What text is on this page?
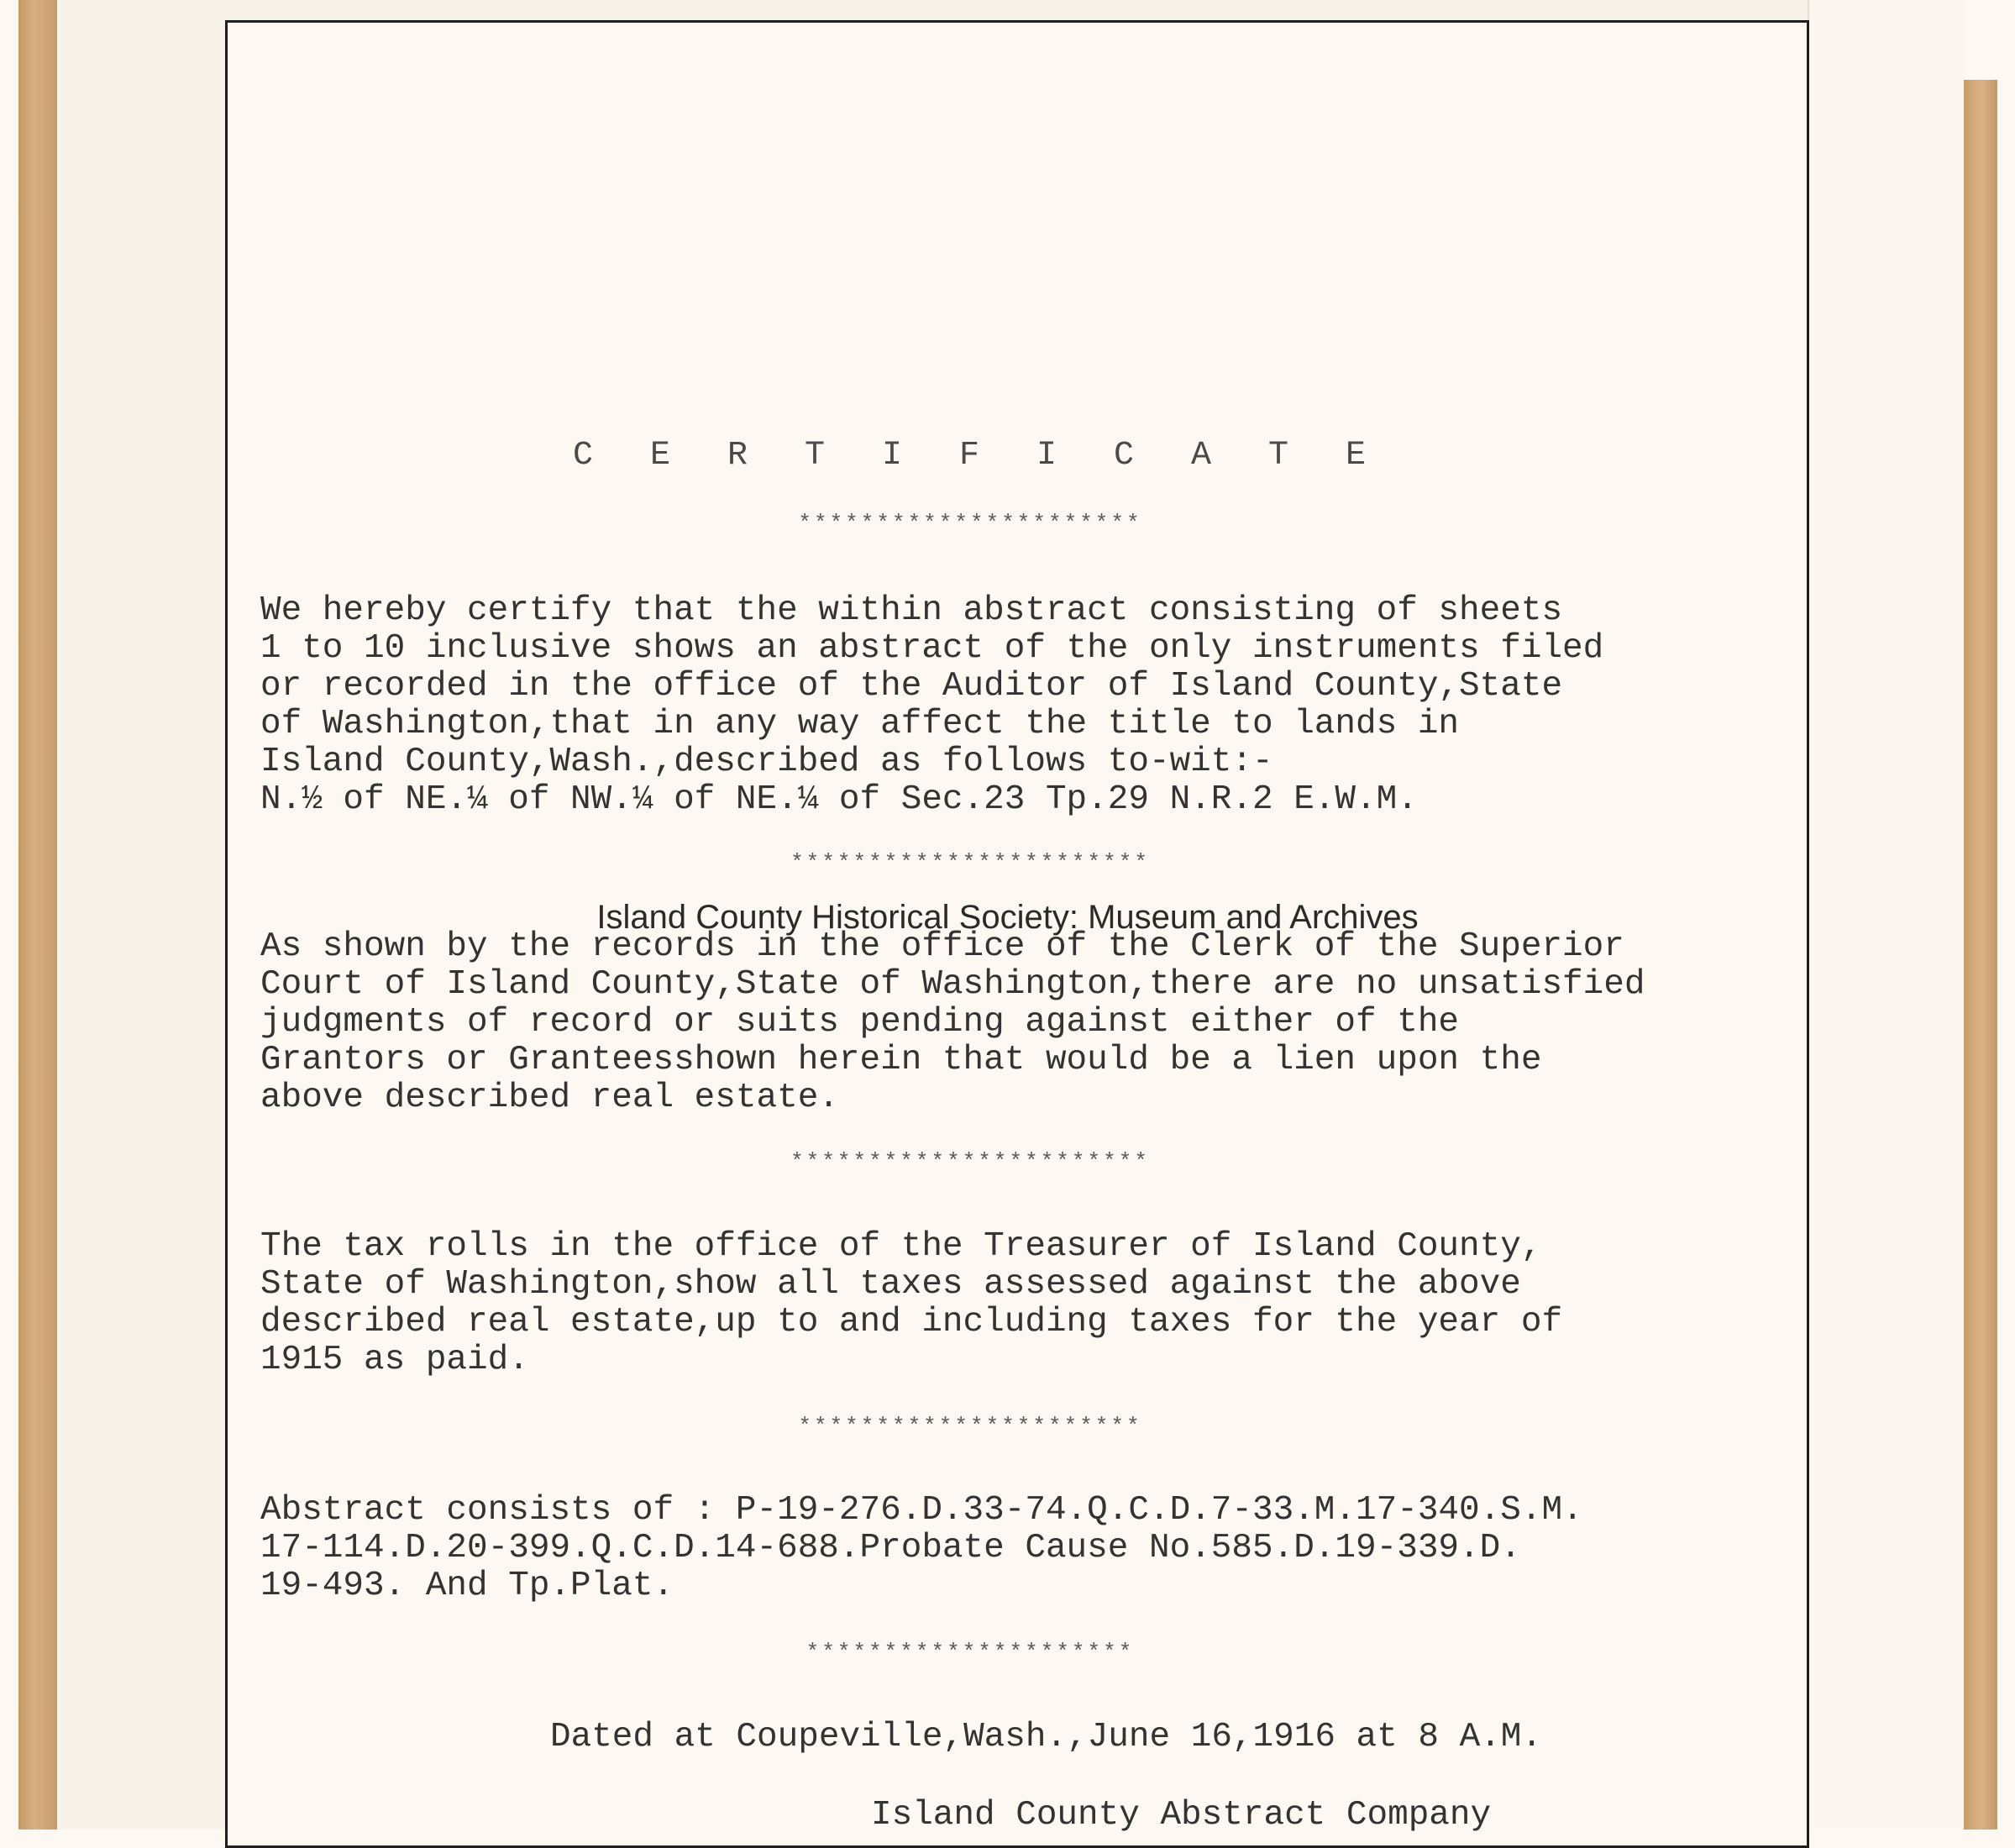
C E R T I F I C A T E
**********************
We hereby certify that the within abstract consisting of sheets
1 to 10 inclusive shows an abstract of the only instruments filed
or recorded in the office of the Auditor of Island County,State
of Washington,that in any way affect the title to lands in
Island County,Wash.,described as follows to-wit:-
N.½ of NE.¼ of NW.¼ of NE.¼ of Sec.23 Tp.29 N.R.2 E.W.M.
***********************
As shown by the records in the office of the Clerk of the Superior
Court of Island County,State of Washington,there are no unsatisfied
judgments of record or suits pending against either of the
Grantors or Granteesshown herein that would be a lien upon the
above described real estate.
***********************
The tax rolls in the office of the Treasurer of Island County,
State of Washington,show all taxes assessed against the above
described real estate,up to and including taxes for the year of
1915 as paid.
**********************
Abstract consists of : P-19-276.D.33-74.Q.C.D.7-33.M.17-340.S.M.
17-114.D.20-399.Q.C.D.14-688.Probate Cause No.585.D.19-339.D.
19-493. And Tp.Plat.
*********************
Dated at Coupeville,Wash.,June 16,1916 at 8 A.M.
Island County Abstract Company
Island County Historical Society: Museum and Archives
